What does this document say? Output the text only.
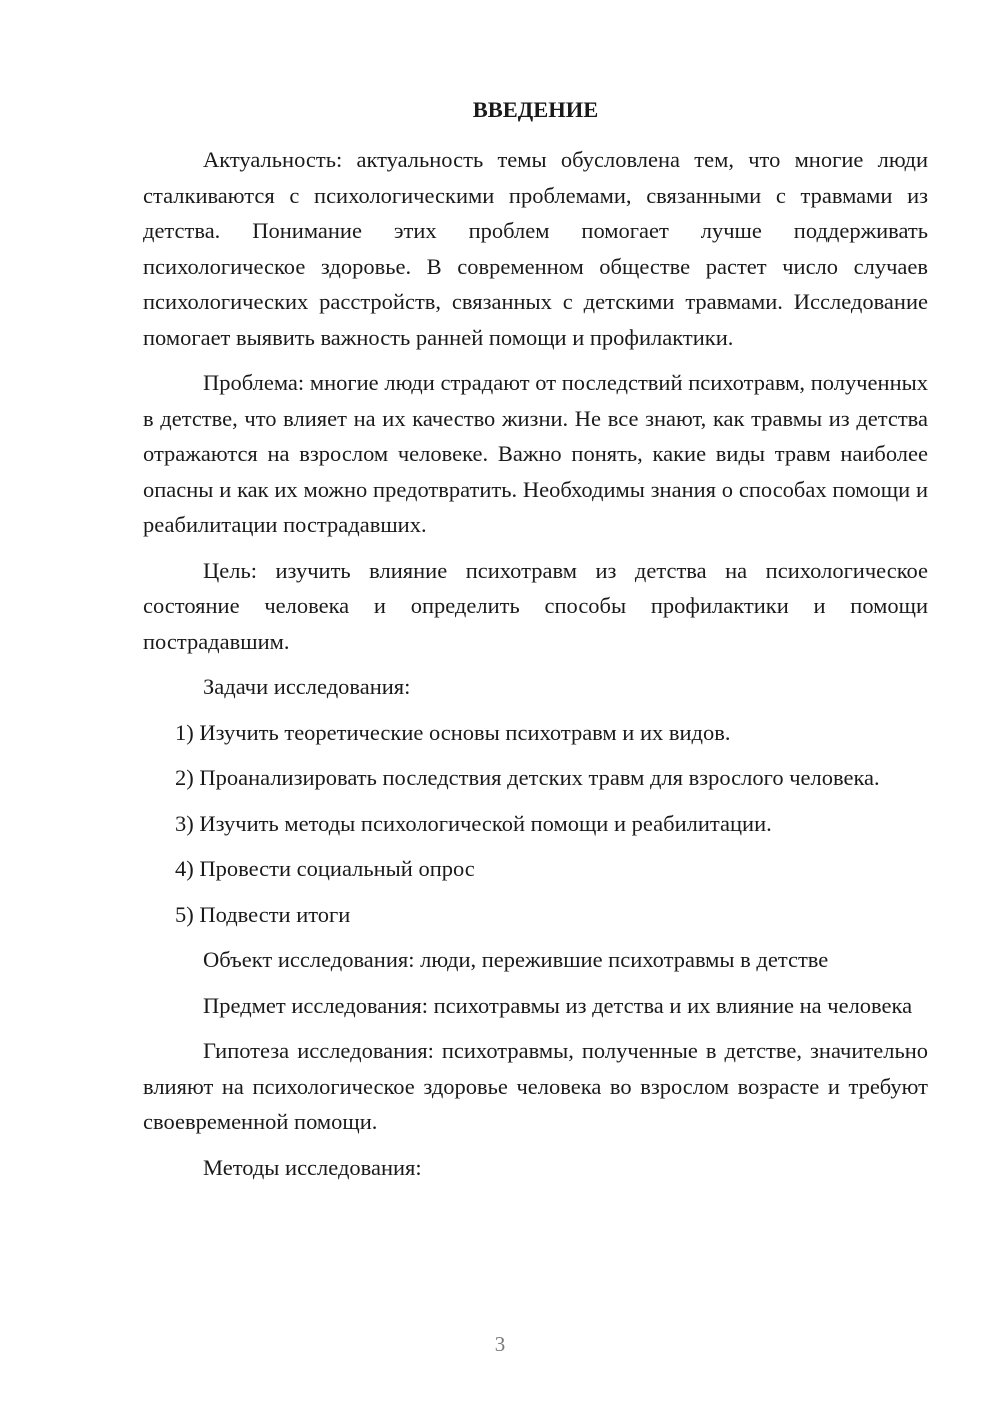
ВВЕДЕНИЕ

Актуальность: актуальность темы обусловлена тем, что многие люди сталкиваются с психологическими проблемами, связанными с травмами из детства. Понимание этих проблем помогает лучше поддерживать психологическое здоровье. В современном обществе растет число случаев психологических расстройств, связанных с детскими травмами. Исследование помогает выявить важность ранней помощи и профилактики.

Проблема: многие люди страдают от последствий психотравм, полученных в детстве, что влияет на их качество жизни. Не все знают, как травмы из детства отражаются на взрослом человеке. Важно понять, какие виды травм наиболее опасны и как их можно предотвратить. Необходимы знания о способах помощи и реабилитации пострадавших.

Цель: изучить влияние психотравм из детства на психологическое состояние человека и определить способы профилактики и помощи пострадавшим.

Задачи исследования:

1) Изучить теоретические основы психотравм и их видов.

2) Проанализировать последствия детских травм для взрослого человека.

3) Изучить методы психологической помощи и реабилитации.

4) Провести социальный опрос

5) Подвести итоги

Объект исследования: люди, пережившие психотравмы в детстве

Предмет исследования: психотравмы из детства и их влияние на человека

Гипотеза исследования: психотравмы, полученные в детстве, значительно влияют на психологическое здоровье человека во взрослом возрасте и требуют своевременной помощи.

Методы исследования:

3
